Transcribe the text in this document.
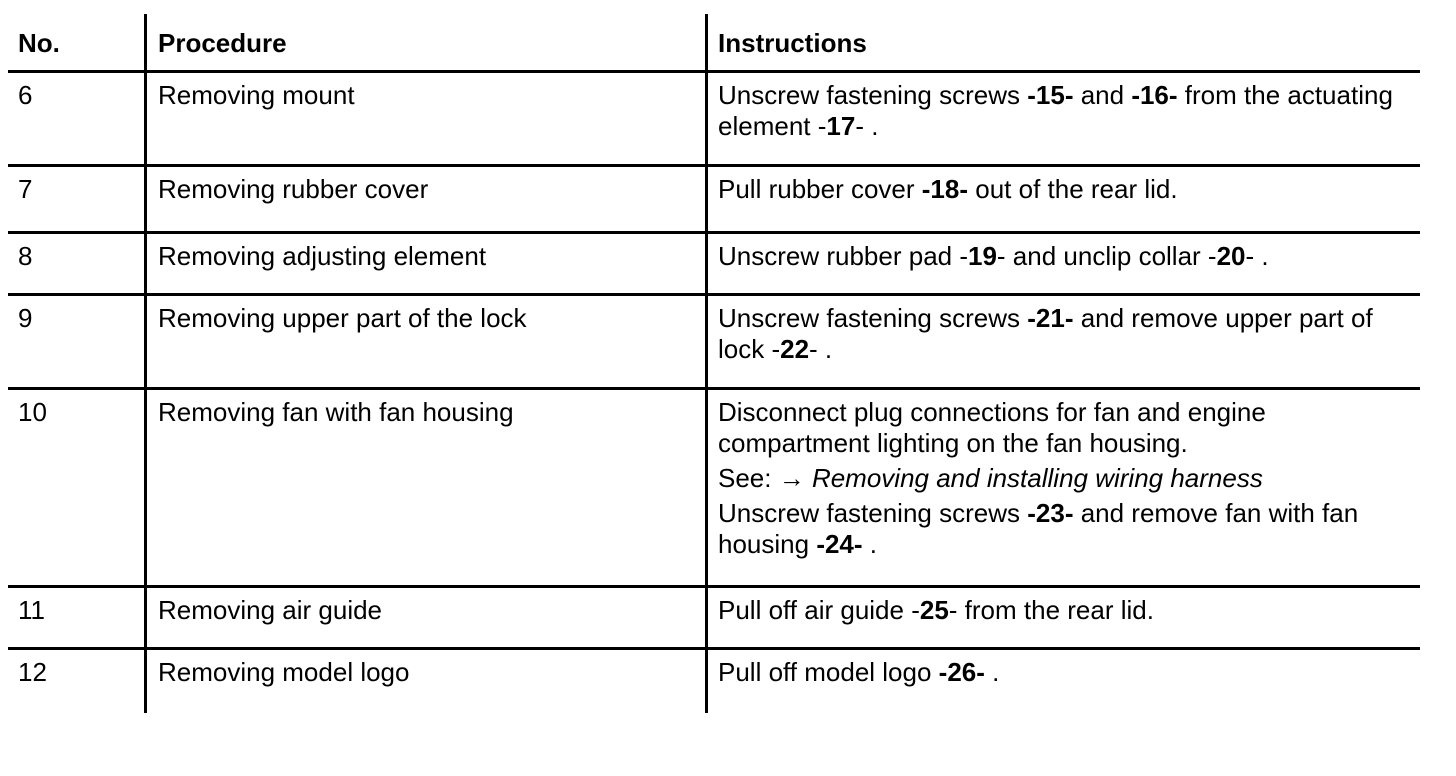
No.	Procedure	Instructions
6	Removing mount	Unscrew fastening screws -15- and -16- from the actuating element -17- .
7	Removing rubber cover	Pull rubber cover -18- out of the rear lid.
8	Removing adjusting element	Unscrew rubber pad -19- and unclip collar -20- .
9	Removing upper part of the lock	Unscrew fastening screws -21- and remove upper part of lock -22- .
10	Removing fan with fan housing	Disconnect plug connections for fan and engine compartment lighting on the fan housing.
See: → Removing and installing wiring harness
Unscrew fastening screws -23- and remove fan with fan housing -24- .
11	Removing air guide	Pull off air guide -25- from the rear lid.
12	Removing model logo	Pull off model logo -26- .
